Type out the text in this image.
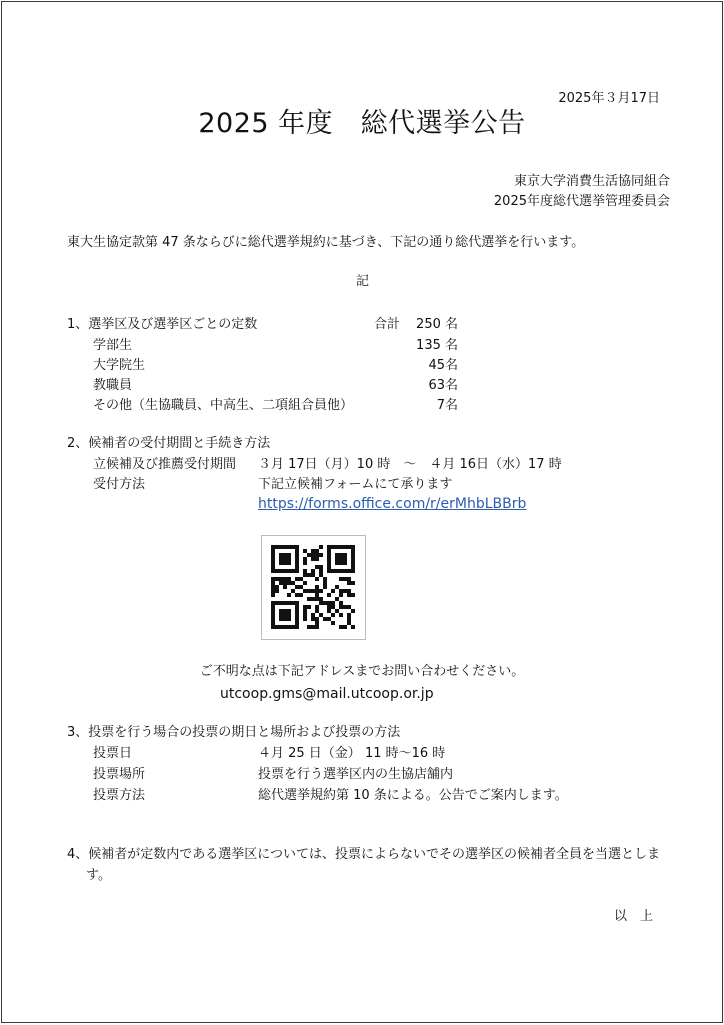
2025年３月17日
2025 年度　総代選挙公告
東京大学消費生活協同組合
2025年度総代選挙管理委員会
東大生協定款第 47 条ならびに総代選挙規約に基づき、下記の通り総代選挙を行います。
記
1、選挙区及び選挙区ごとの定数	合計 250 名
学部生	135 名
大学院生	45名
教職員	63名
その他（生協職員、中高生、二項組合員他）	7名
2、候補者の受付期間と手続き方法
立候補及び推薦受付期間 ３月 17日（月）10 時　～　４月 16日（水）17 時
受付方法	下記立候補フォームにて承ります
https://forms.office.com/r/erMhbLBBrb
ご不明な点は下記アドレスまでお問い合わせください。
utcoop.gms@mail.utcoop.or.jp
3、投票を行う場合の投票の期日と場所および投票の方法
投票日	４月 25 日（金） 11 時～16 時
投票場所	投票を行う選挙区内の生協店舗内
投票方法	総代選挙規約第 10 条による。公告でご案内します。
4、候補者が定数内である選挙区については、投票によらないでその選挙区の候補者全員を当選としま
す。
以　上
